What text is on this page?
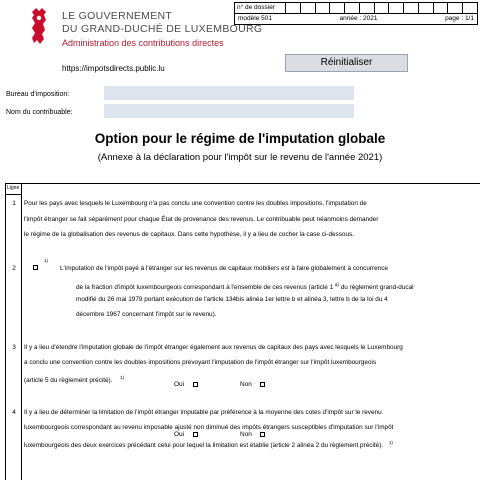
LE GOUVERNEMENT
DU GRAND-DUCHÉ DE LUXEMBOURG
Administration des contributions directes
https://impotsdirects.public.lu
n° de dossier
modèle 501	année : 2021	page : 1/1
Réinitialiser
Bureau d'imposition:
Nom du contribuable:
Option pour le régime de l'imputation globale
(Annexe à la déclaration pour l'impôt sur le revenu de l'année 2021)
Ligne
1	Pour les pays avec lesquels le Luxembourg n'a pas conclu une convention contre les doubles impositions, l'imputation de
l'impôt étranger se fait séparément pour chaque État de provenance des revenus. Le contribuable peut néanmoins demander
le régime de la globalisation des revenus de capitaux. Dans cette hypothèse, il y a lieu de cocher la case ci-dessous.
2
1)
L'imputation de l'impôt payé à l'étranger sur les revenus de capitaux mobiliers est à faire globalement à concurrence
de la fraction d'impôt luxembourgeois correspondant à l'ensemble de ces revenus (article 1 $^{a)}$ du règlement grand-ducal
modifié du 26 mai 1979 portant exécution de l'article 134bis alinéa 1er lettre b et alinéa 3, lettre b de la loi du 4
décembre 1967 concernant l'impôt sur le revenu).
3	Il y a lieu d'étendre l'imputation globale de l'impôt étranger également aux revenus de capitaux des pays avec lesquels le Luxembourg
a conclu une convention contre les doubles impositions prévoyant l'imputation de l'impôt étranger sur l'impôt luxembourgeois
(article 5 du règlement précité). $^{1)}$
Oui	Non
4	Il y a lieu de déterminer la limitation de l'impôt étranger imputable par préférence à la moyenne des cotes d'impôt sur le revenu
luxembourgeois correspondant au revenu imposable ajusté non diminué des impôts étrangers susceptibles d'imputation sur l'impôt
luxembourgeois des deux exercices précédant celui pour lequel la limitation est établie (article 2 alinéa 2 du règlement précité). $^{1)}$
Oui	Non
